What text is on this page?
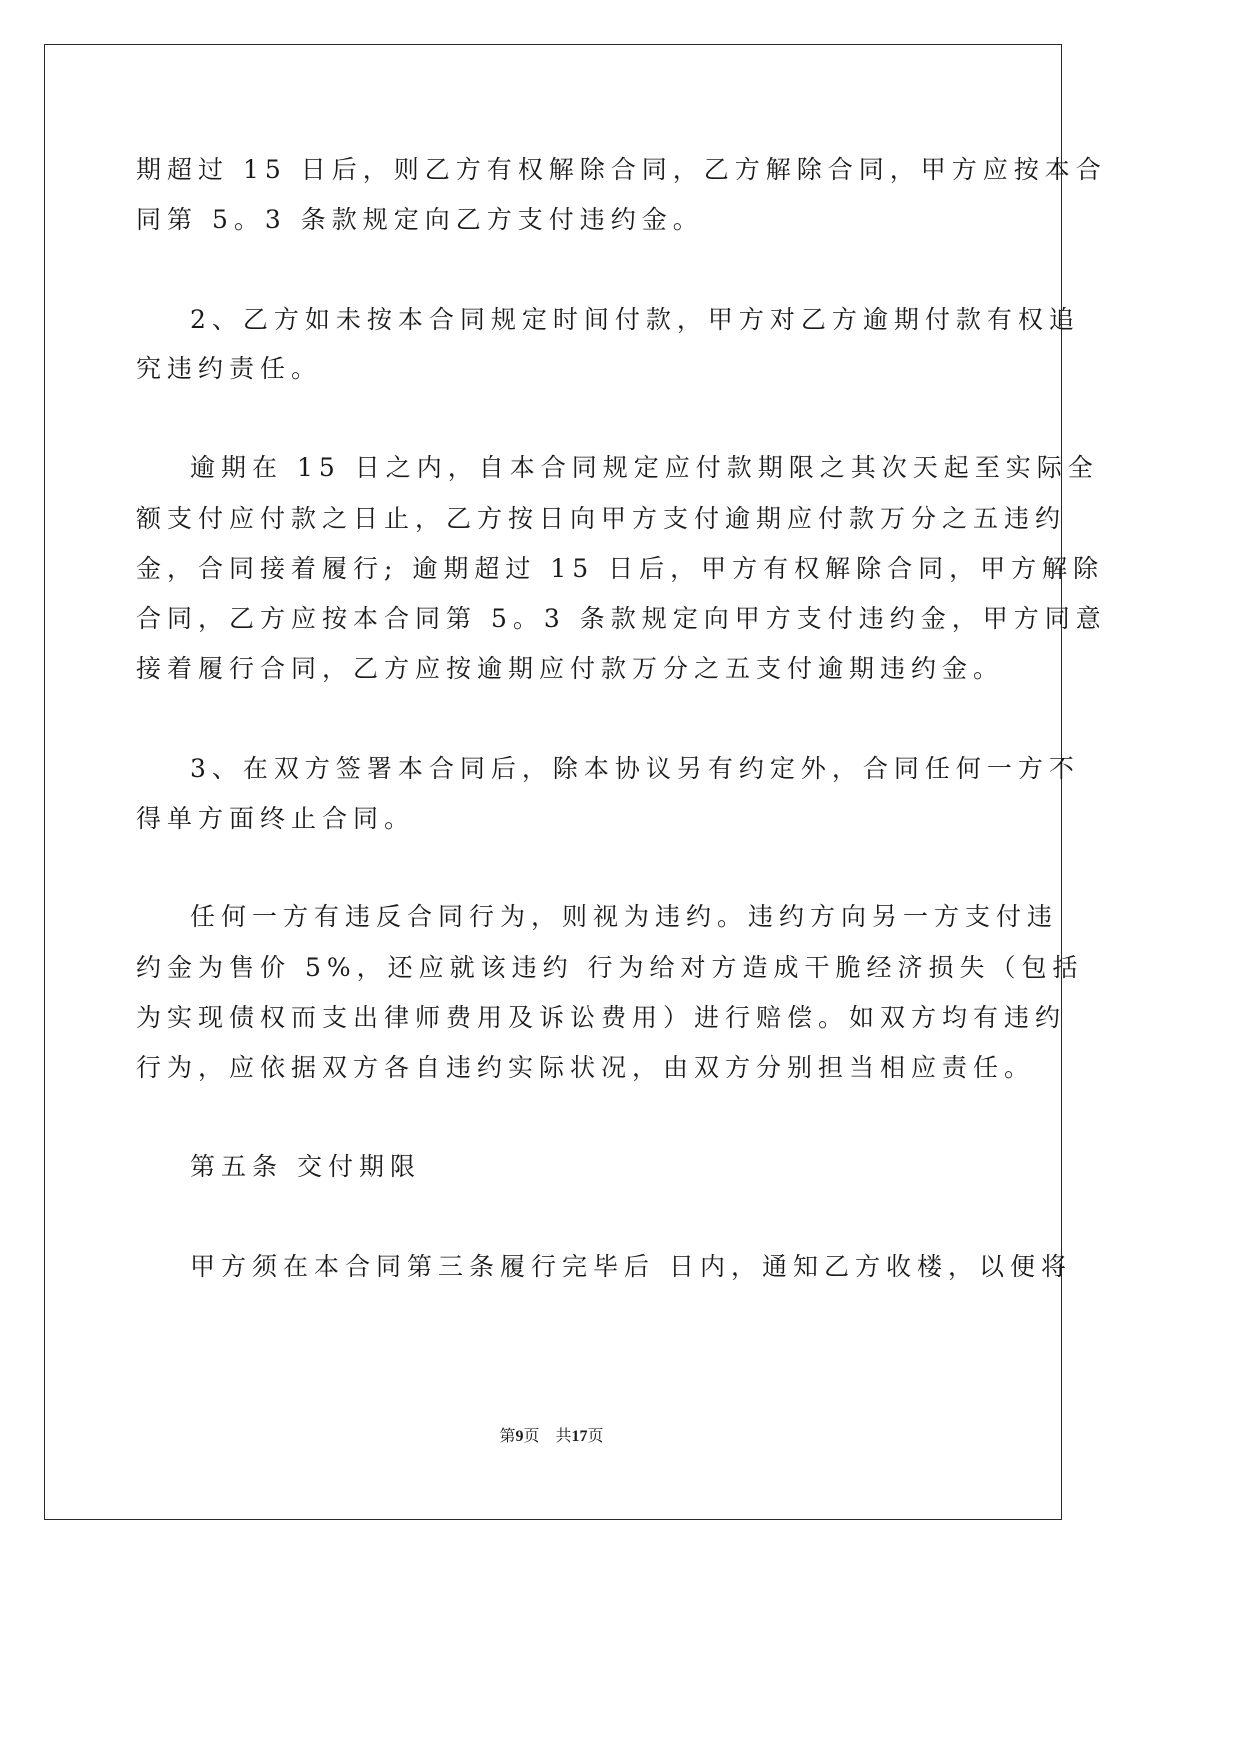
期超过 15 日后，则乙方有权解除合同，乙方解除合同，甲方应按本合

同第 5。3 条款规定向乙方支付违约金。

2、乙方如未按本合同规定时间付款，甲方对乙方逾期付款有权追

究违约责任。

逾期在 15 日之内，自本合同规定应付款期限之其次天起至实际全

额支付应付款之日止，乙方按日向甲方支付逾期应付款万分之五违约

金，合同接着履行; 逾期超过 15 日后，甲方有权解除合同，甲方解除

合同，乙方应按本合同第 5。3 条款规定向甲方支付违约金，甲方同意

接着履行合同，乙方应按逾期应付款万分之五支付逾期违约金。

3、在双方签署本合同后，除本协议另有约定外，合同任何一方不

得单方面终止合同。

任何一方有违反合同行为，则视为违约。违约方向另一方支付违

约金为售价 5%，还应就该违约 行为给对方造成干脆经济损失（包括

为实现债权而支出律师费用及诉讼费用）进行赔偿。如双方均有违约

行为，应依据双方各自违约实际状况，由双方分别担当相应责任。

第五条 交付期限

甲方须在本合同第三条履行完毕后 日内，通知乙方收楼，以便将

第9页 共17页
